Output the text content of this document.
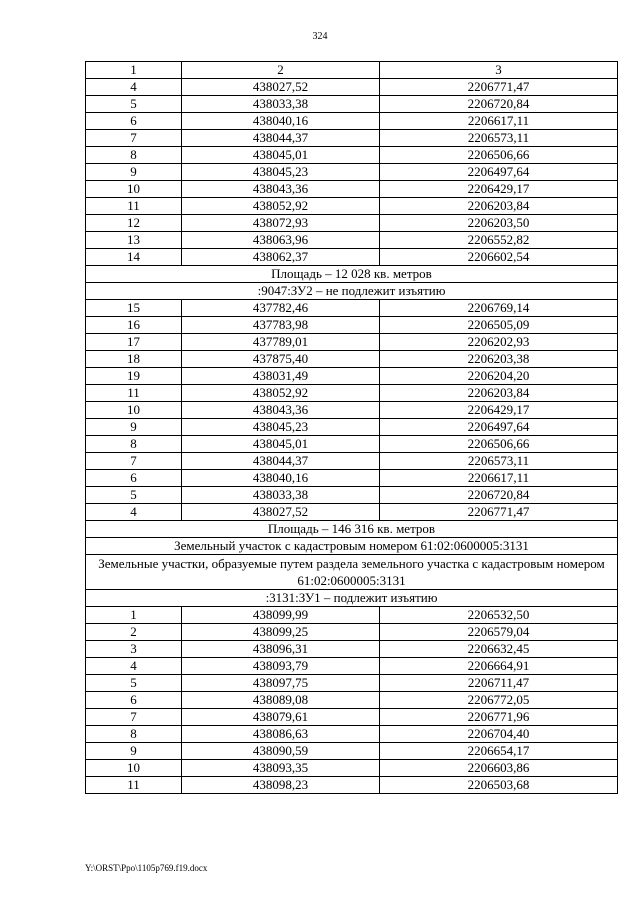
324
1	2	3
4	438027,52	2206771,47
5	438033,38	2206720,84
6	438040,16	2206617,11
7	438044,37	2206573,11
8	438045,01	2206506,66
9	438045,23	2206497,64
10	438043,36	2206429,17
11	438052,92	2206203,84
12	438072,93	2206203,50
13	438063,96	2206552,82
14	438062,37	2206602,54
Площадь – 12 028 кв. метров		
:9047:ЗУ2 – не подлежит изъятию		
15	437782,46	2206769,14
16	437783,98	2206505,09
17	437789,01	2206202,93
18	437875,40	2206203,38
19	438031,49	2206204,20
11	438052,92	2206203,84
10	438043,36	2206429,17
9	438045,23	2206497,64
8	438045,01	2206506,66
7	438044,37	2206573,11
6	438040,16	2206617,11
5	438033,38	2206720,84
4	438027,52	2206771,47
Площадь – 146 316 кв. метров		
Земельный участок с кадастровым номером 61:02:0600005:3131		
Земельные участки, образуемые путем раздела земельного участка с кадастровым номером 61:02:0600005:3131		
:3131:ЗУ1 – подлежит изъятию		
1	438099,99	2206532,50
2	438099,25	2206579,04
3	438096,31	2206632,45
4	438093,79	2206664,91
5	438097,75	2206711,47
6	438089,08	2206772,05
7	438079,61	2206771,96
8	438086,63	2206704,40
9	438090,59	2206654,17
10	438093,35	2206603,86
11	438098,23	2206503,68
Y:\ORST\Ppo\1105p769.f19.docx
